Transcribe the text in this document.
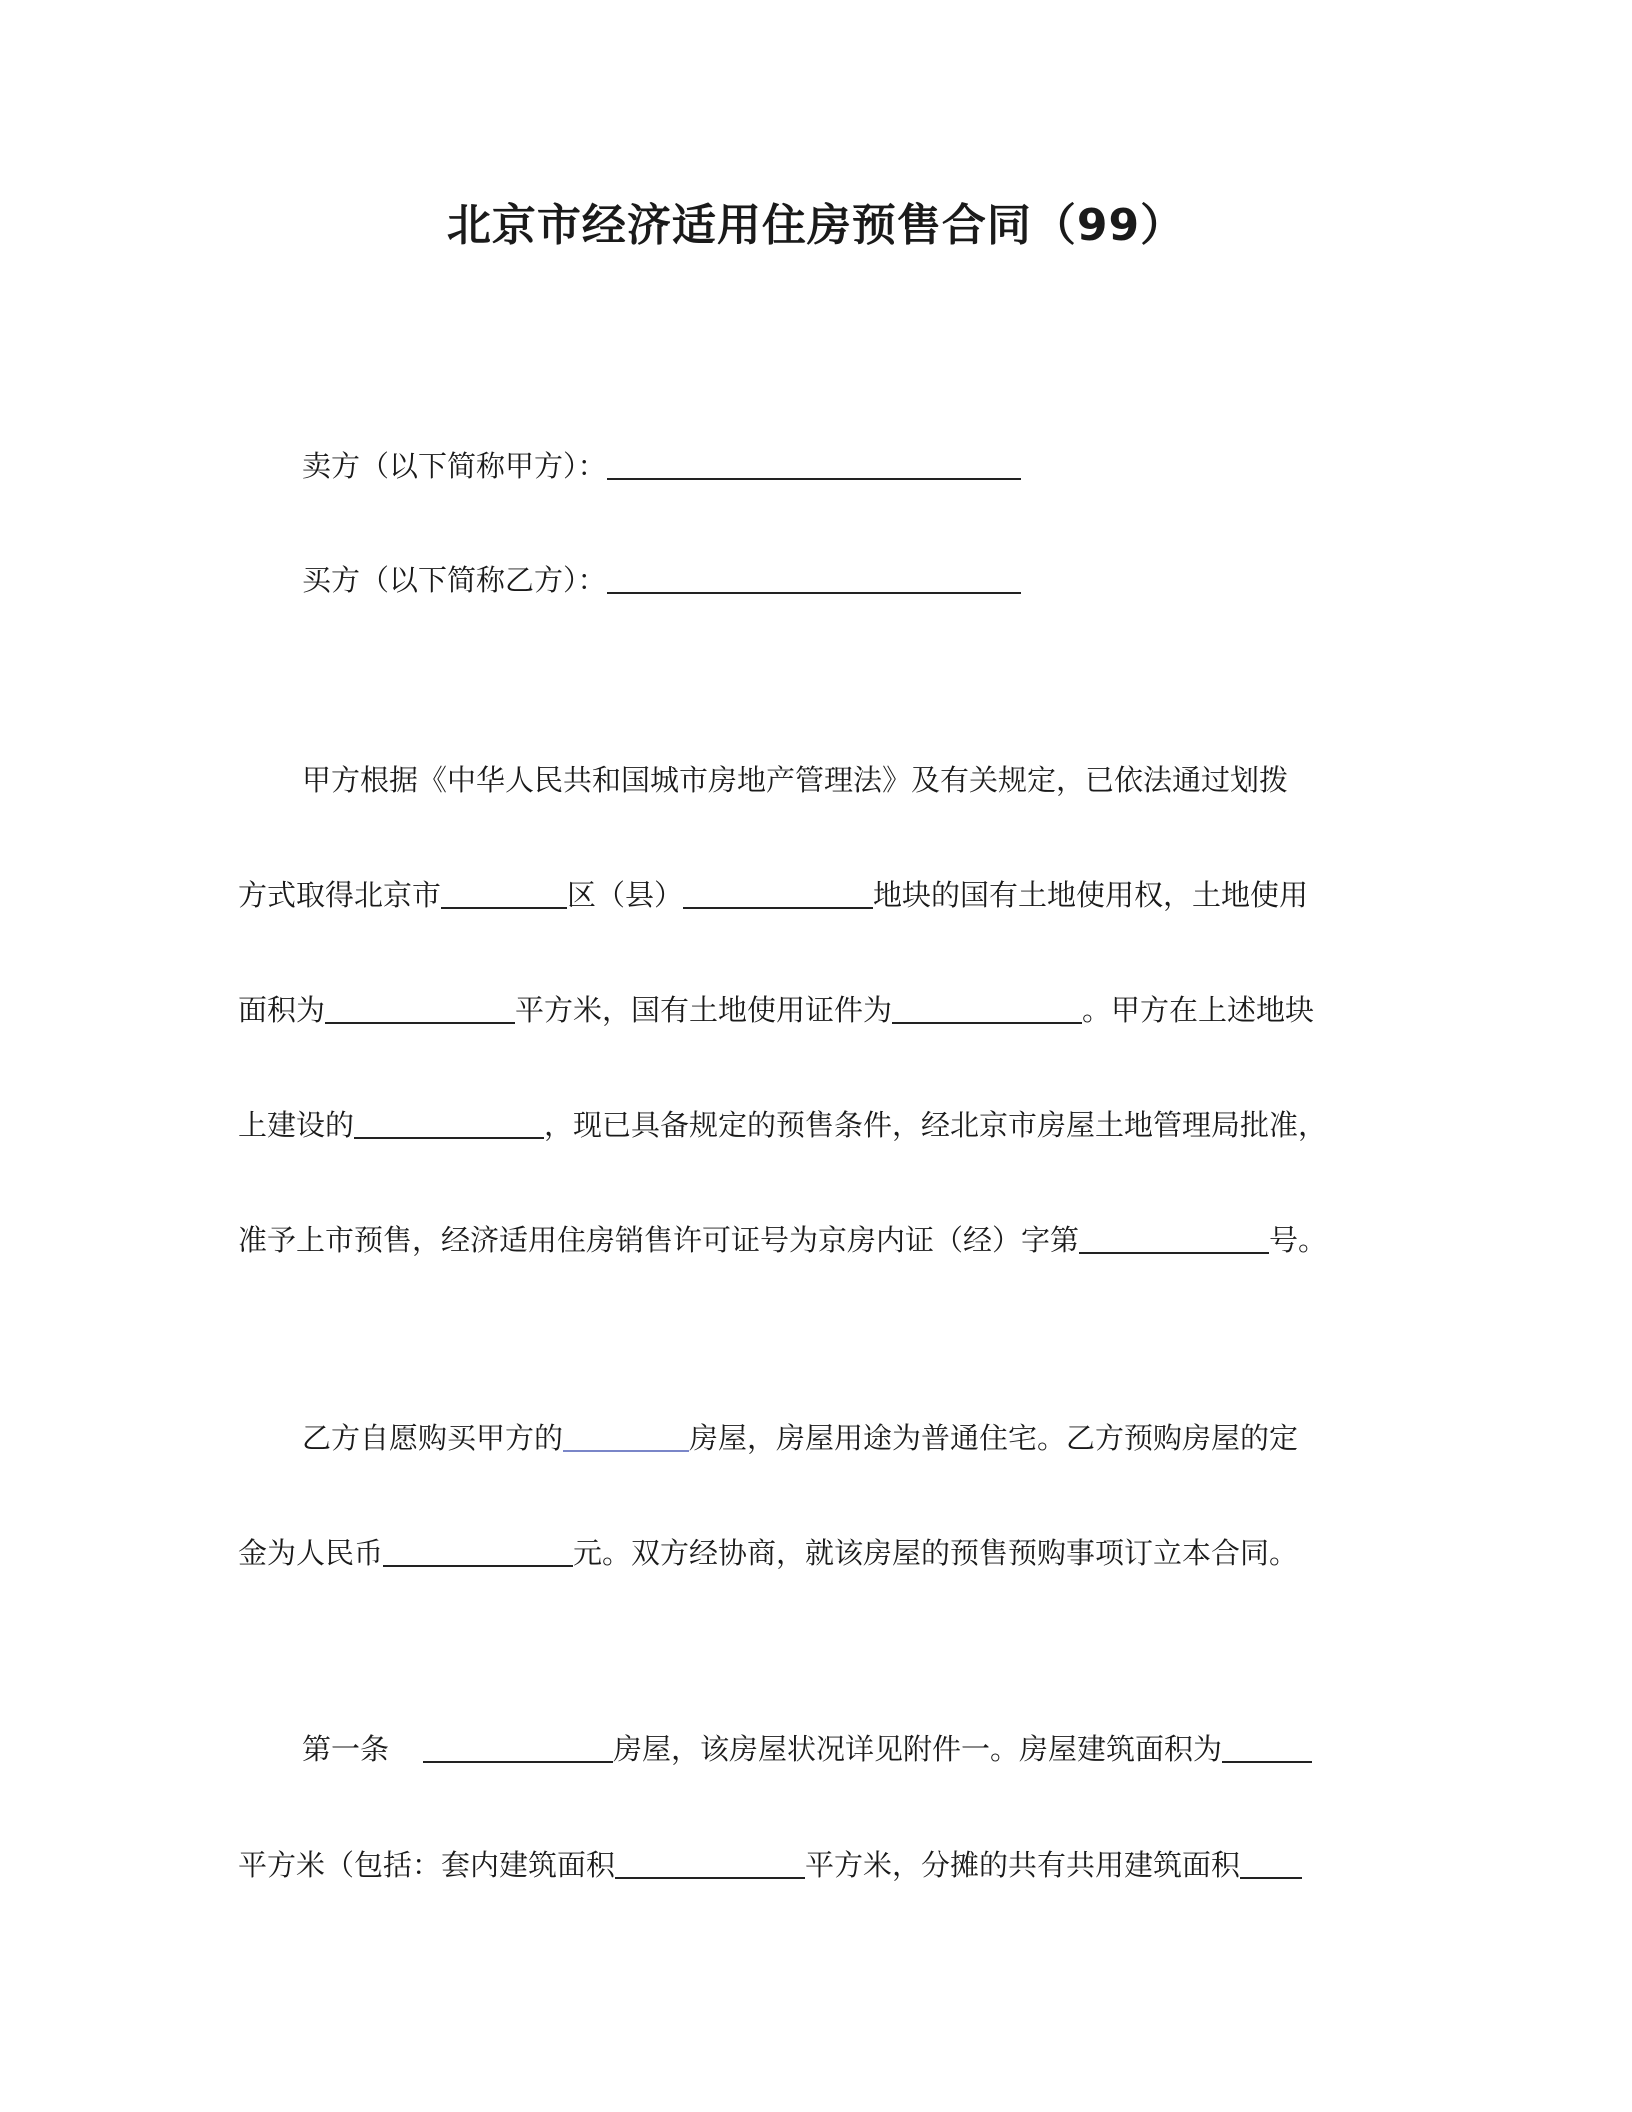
北京市经济适用住房预售合同（99）
卖方（以下简称甲方）：
买方（以下简称乙方）：
甲方根据《中华人民共和国城市房地产管理法》及有关规定，已依法通过划拨
方式取得北京市	区（县）	地块的国有土地使用权，土地使用
面积为	平方米，国有土地使用证件为	。甲方在上述地块
上建设的	，现已具备规定的预售条件，经北京市房屋土地管理局批准，
准予上市预售，经济适用住房销售许可证号为京房内证（经）字第	号。
乙方自愿购买甲方的	房屋，房屋用途为普通住宅。乙方预购房屋的定
金为人民币	元。双方经协商，就该房屋的预售预购事项订立本合同。
第一条	房屋，该房屋状况详见附件一。房屋建筑面积为
平方米（包括：套内建筑面积	平方米，分摊的共有共用建筑面积
